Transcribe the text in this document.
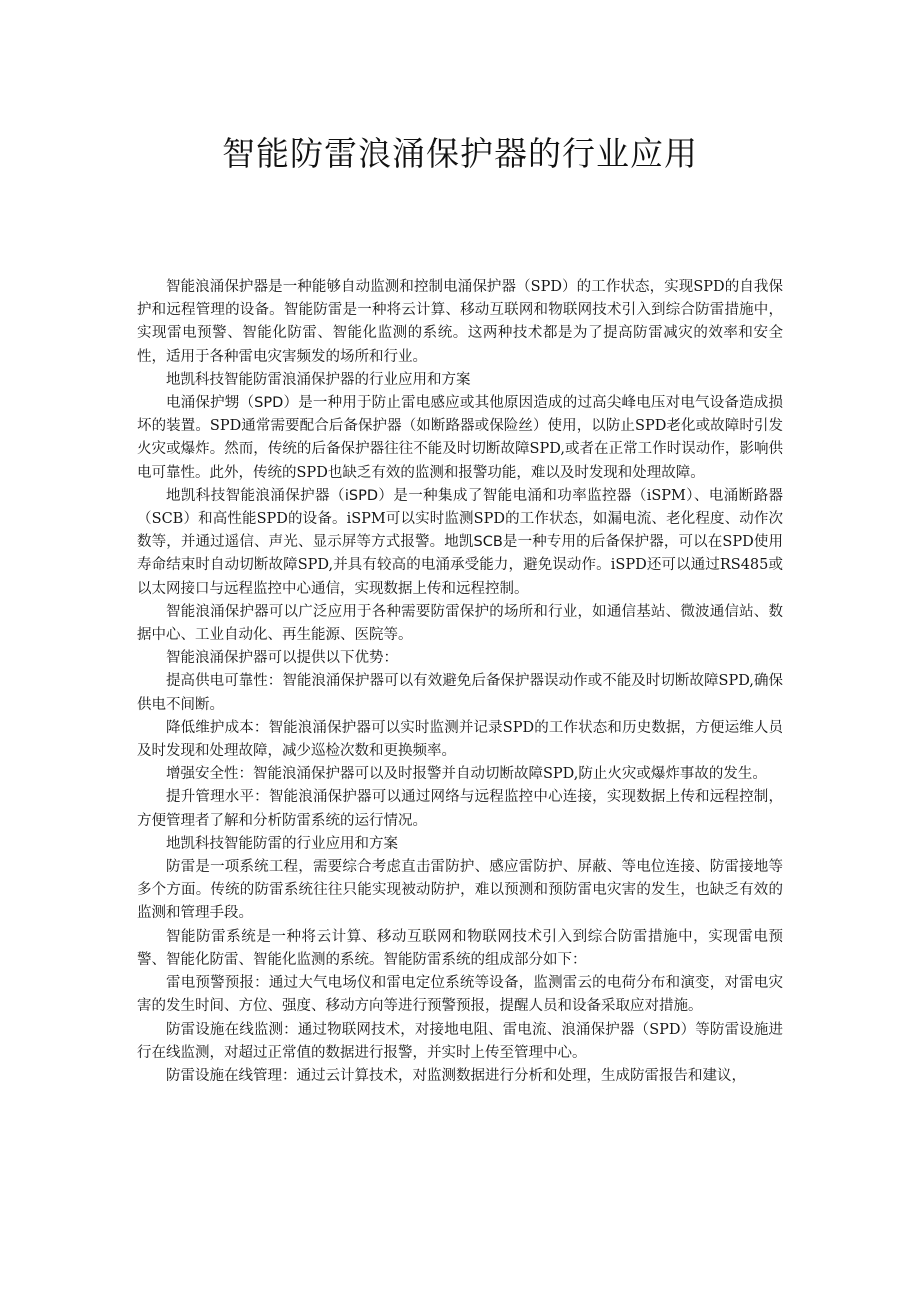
智能防雷浪涌保护器的行业应用

智能浪涌保护器是一种能够自动监测和控制电涌保护器（SPD）的工作状态，实现SPD的自我保护和远程管理的设备。智能防雷是一种将云计算、移动互联网和物联网技术引入到综合防雷措施中，实现雷电预警、智能化防雷、智能化监测的系统。这两种技术都是为了提高防雷减灾的效率和安全性，适用于各种雷电灾害频发的场所和行业。

地凯科技智能防雷浪涌保护器的行业应用和方案

电涌保护甥（SPD）是一种用于防止雷电感应或其他原因造成的过高尖峰电压对电气设备造成损坏的装置。SPD通常需要配合后备保护器（如断路器或保险丝）使用，以防止SPD老化或故障时引发火灾或爆炸。然而，传统的后备保护器往往不能及时切断故障SPD,或者在正常工作时误动作，影响供电可靠性。此外，传统的SPD也缺乏有效的监测和报警功能，难以及时发现和处理故障。

地凯科技智能浪涌保护器（iSPD）是一种集成了智能电涌和功率监控器（iSPM）、电涌断路器（SCB）和高性能SPD的设备。iSPM可以实时监测SPD的工作状态，如漏电流、老化程度、动作次数等，并通过遥信、声光、显示屏等方式报警。地凯SCB是一种专用的后备保护器，可以在SPD使用寿命结束时自动切断故障SPD,并具有较高的电涌承受能力，避免误动作。iSPD还可以通过RS485或以太网接口与远程监控中心通信，实现数据上传和远程控制。

智能浪涌保护器可以广泛应用于各种需要防雷保护的场所和行业，如通信基站、微波通信站、数据中心、工业自动化、再生能源、医院等。

智能浪涌保护器可以提供以下优势：

提高供电可靠性：智能浪涌保护器可以有效避免后备保护器误动作或不能及时切断故障SPD,确保供电不间断。

降低维护成本：智能浪涌保护器可以实时监测并记录SPD的工作状态和历史数据，方便运维人员及时发现和处理故障，减少巡检次数和更换频率。

增强安全性：智能浪涌保护器可以及时报警并自动切断故障SPD,防止火灾或爆炸事故的发生。

提升管理水平：智能浪涌保护器可以通过网络与远程监控中心连接，实现数据上传和远程控制，方便管理者了解和分析防雷系统的运行情况。

地凯科技智能防雷的行业应用和方案

防雷是一项系统工程，需要综合考虑直击雷防护、感应雷防护、屏蔽、等电位连接、防雷接地等多个方面。传统的防雷系统往往只能实现被动防护，难以预测和预防雷电灾害的发生，也缺乏有效的监测和管理手段。

智能防雷系统是一种将云计算、移动互联网和物联网技术引入到综合防雷措施中，实现雷电预警、智能化防雷、智能化监测的系统。智能防雷系统的组成部分如下：

雷电预警预报：通过大气电场仪和雷电定位系统等设备，监测雷云的电荷分布和演变，对雷电灾害的发生时间、方位、强度、移动方向等进行预警预报，提醒人员和设备采取应对措施。

防雷设施在线监测：通过物联网技术，对接地电阻、雷电流、浪涌保护器（SPD）等防雷设施进行在线监测，对超过正常值的数据进行报警，并实时上传至管理中心。

防雷设施在线管理：通过云计算技术，对监测数据进行分析和处理，生成防雷报告和建议，
